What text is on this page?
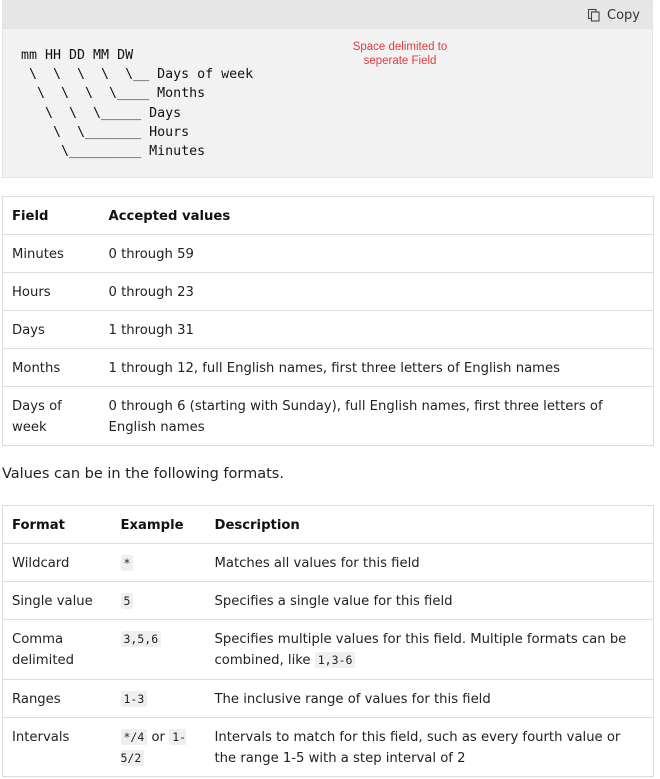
Copy
mm HH DD MM DW
\  \  \  \  \__ Days of week
\  \  \  \____ Months
\  \  \_____ Days
\  \_______ Hours
\_________ Minutes
Space delimited to
seperate Field
Field	Accepted values
Minutes	0 through 59
Hours	0 through 23
Days	1 through 31
Months	1 through 12, full English names, first three letters of English names
Days of week	0 through 6 (starting with Sunday), full English names, first three letters of English names
Values can be in the following formats.
Format	Example	Description
Wildcard	*	Matches all values for this field
Single value	5	Specifies a single value for this field
Comma delimited	3,5,6	Specifies multiple values for this field. Multiple formats can be combined, like 1,3-6
Ranges	1-3	The inclusive range of values for this field
Intervals	*/4 or 1-5/2	Intervals to match for this field, such as every fourth value or the range 1-5 with a step interval of 2
